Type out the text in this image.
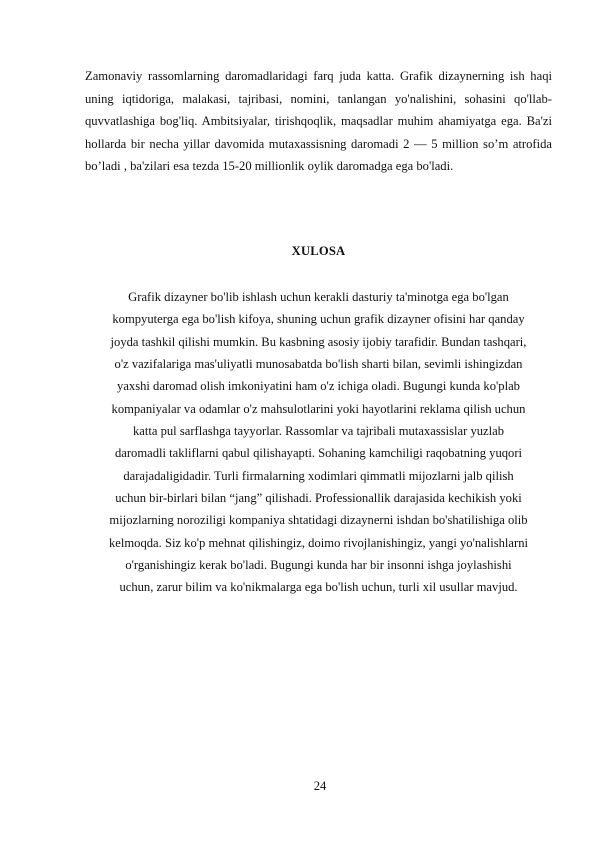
Zamonaviy rassomlarning daromadlaridagi farq juda katta. Grafik dizaynerning ish haqi uning iqtidoriga, malakasi, tajribasi, nomini, tanlangan yo'nalishini, sohasini qo'llab-quvvatlashiga bog'liq. Ambitsiyalar, tirishqoqlik, maqsadlar muhim ahamiyatga ega. Ba'zi hollarda bir necha yillar davomida mutaxassisning daromadi 2 — 5 million so’m atrofida bo’ladi , ba'zilari esa tezda 15-20 millionlik oylik daromadga ega bo'ladi.

XULOSA
Grafik dizayner bo'lib ishlash uchun kerakli dasturiy ta'minotga ega bo'lgan
kompyuterga ega bo'lish kifoya, shuning uchun grafik dizayner ofisini har qanday
joyda tashkil qilishi mumkin. Bu kasbning asosiy ijobiy tarafidir. Bundan tashqari,
o'z vazifalariga mas'uliyatli munosabatda bo'lish sharti bilan, sevimli ishingizdan
yaxshi daromad olish imkoniyatini ham o'z ichiga oladi. Bugungi kunda ko'plab
kompaniyalar va odamlar o'z mahsulotlarini yoki hayotlarini reklama qilish uchun
katta pul sarflashga tayyorlar. Rassomlar va tajribali mutaxassislar yuzlab
daromadli takliflarni qabul qilishayapti. Sohaning kamchiligi raqobatning yuqori
darajadaligidadir. Turli firmalarning xodimlari qimmatli mijozlarni jalb qilish
uchun bir-birlari bilan “jang” qilishadi. Professionallik darajasida kechikish yoki
mijozlarning noroziligi kompaniya shtatidagi dizaynerni ishdan bo'shatilishiga olib
kelmoqda. Siz ko'p mehnat qilishingiz, doimo rivojlanishingiz, yangi yo'nalishlarni
o'rganishingiz kerak bo'ladi. Bugungi kunda har bir insonni ishga joylashishi
uchun, zarur bilim va ko'nikmalarga ega bo'lish uchun, turli xil usullar mavjud.

24
